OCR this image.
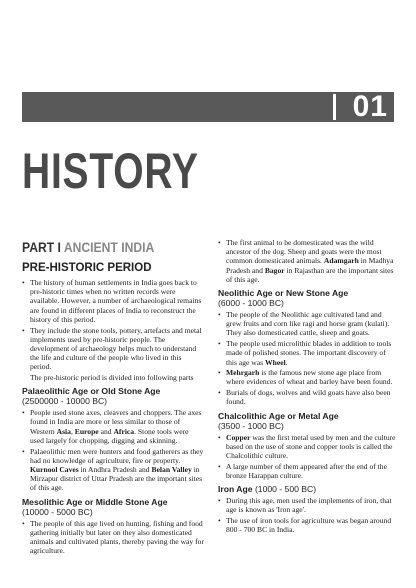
01
HISTORY
PART I ANCIENT INDIA
PRE-HISTORIC PERIOD
• The history of human settlements in India goes back to pre-historic times when no written records were available. However, a number of archaeological remains are found in different places of India to reconstruct the history of this period.
• They include the stone tools, pottery, artefacts and metal implements used by pre-historic people. The development of archaeology helps much to understand the life and culture of the people who lived in this period.

The pre-historic period is divided into following parts

Palaeolithic Age or Old Stone Age
(2500000 - 10000 BC)
• People used stone axes, cleavers and choppers. The axes found in India are more or less similar to those of Western Asia, Europe and Africa. Stone tools were used largely for chopping, digging and skinning.
• Palaeolithic men were hunters and food gatherers as they had no knowledge of agriculture, fire or property. Kurnool Caves in Andhra Pradesh and Belan Valley in Mirzapur district of Uttar Pradesh are the important sites of this age.
Mesolithic Age or Middle Stone Age
(10000 - 5000 BC)
• The people of this age lived on hunting, fishing and food gathering initially but later on they also domesticated animals and cultivated plants, thereby paving the way for agriculture.
• The first animal to be domesticated was the wild ancestor of the dog. Sheep and goats were the most common domesticated animals. Adamgarh in Madhya Pradesh and Bagor in Rajasthan are the important sites of this age.
Neolithic Age or New Stone Age
(6000 - 1000 BC)
• The people of the Neolithic age cultivated land and grew fruits and corn like ragi and horse gram (kulati). They also domesticated cattle, sheep and goats.
• The people used microlithic blades in addition to tools made of polished stones. The important discovery of this age was Wheel.
• Mehrgarh is the famous new stone age place from where evidences of wheat and barley have been found.
• Burials of dogs, wolves and wild goats have also been found.
Chalcolithic Age or Metal Age
(3500 - 1000 BC)
• Copper was the first metal used by men and the culture based on the use of stone and copper tools is called the Chalcolithic culture.
• A large number of them appeared after the end of the bronze Harappan culture.
Iron Age (1000 - 500 BC)
• During this age, men used the implements of iron, that age is known as 'Iron age'.
• The use of iron tools for agriculture was began around 800 - 700 BC in India.
